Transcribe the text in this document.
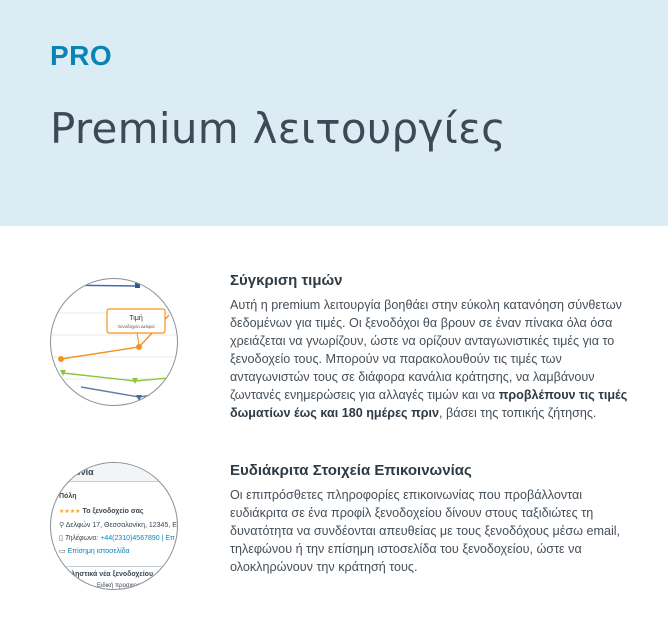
PRO
Premium λειτουργίες
Τιμή
Ξενοδοχείο Δελφοί
Σύγκριση τιμών
Αυτή η premium λειτουργία βοηθάει στην εύκολη κατανόηση σύνθετων δεδομένων για τιμές. Οι ξενοδόχοι θα βρουν σε έναν πίνακα όλα όσα χρειάζεται να γνωρίζουν, ώστε να ορίζουν ανταγωνιστικές τιμές για το ξενοδοχείο τους. Μπορούν να παρακολουθούν τις τιμές των ανταγωνιστών τους σε διάφορα κανάλια κράτησης, να λαμβάνουν ζωντανές ενημερώσεις για αλλαγές τιμών και να προβλέπουν τις τιμές δωματίων έως και 180 ημέρες πριν, βάσει της τοπικής ζήτησης.
ωνία
Πόλη
★★★★ Το ξενοδοχείο σας
⚲ Δελφών 17, Θεσσαλονίκη, 12345, Ε
▯ Τηλέφωνο: +44(2310)4567890 | Επ
▭ Επίσημη ιστοσελίδα
ολοκληστικά νέα ξενοδοχείου
Ειδική προσφορ
Ευδιάκριτα Στοιχεία Επικοινωνίας
Οι επιπρόσθετες πληροφορίες επικοινωνίας που προβάλλονται ευδιάκριτα σε ένα προφίλ ξενοδοχείου δίνουν στους ταξιδιώτες τη δυνατότητα να συνδέονται απευθείας με τους ξενοδόχους μέσω email, τηλεφώνου ή την επίσημη ιστοσελίδα του ξενοδοχείου, ώστε να ολοκληρώνουν την κράτησή τους.
